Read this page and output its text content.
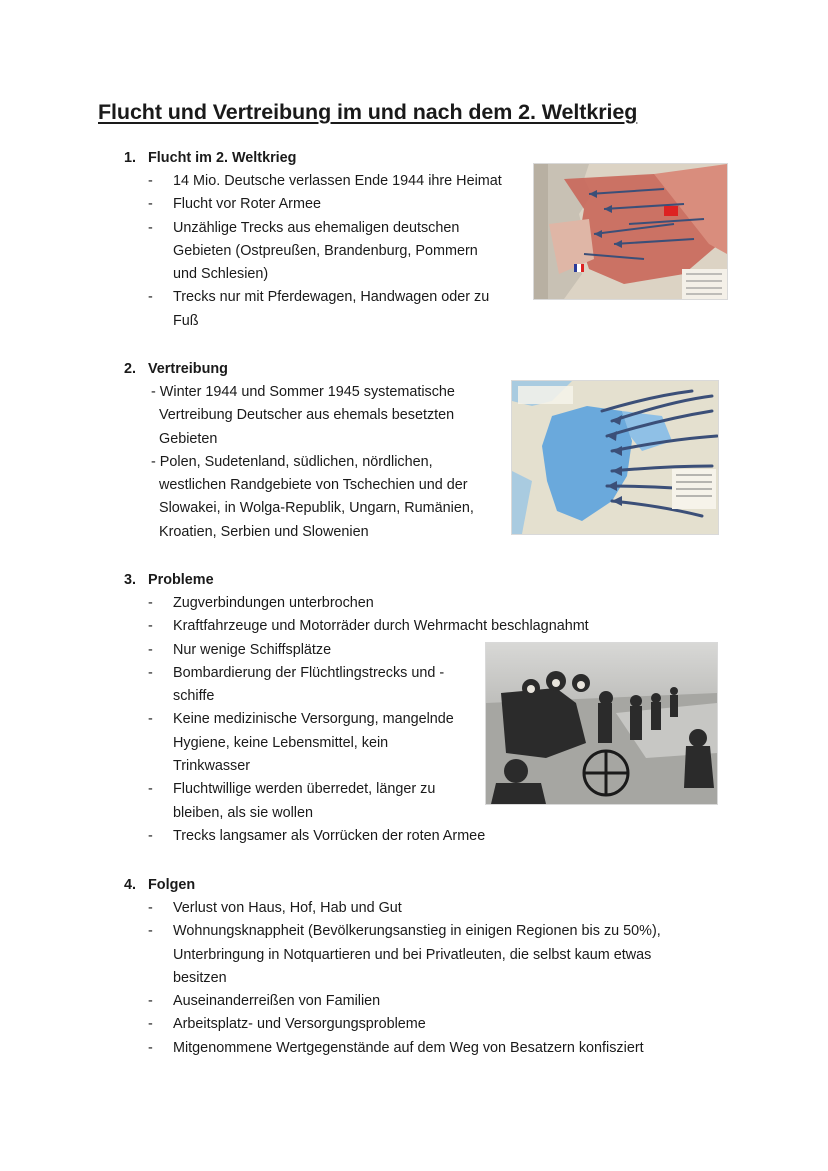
Flucht und Vertreibung im und nach dem 2. Weltkrieg
1. Flucht im 2. Weltkrieg
- 14 Mio. Deutsche verlassen Ende 1944 ihre Heimat
- Flucht vor Roter Armee
- Unzählige Trecks aus ehemaligen deutschen
Gebieten (Ostpreußen, Brandenburg, Pommern
und Schlesien)
- Trecks nur mit Pferdewagen, Handwagen oder zu
Fuß
2. Vertreibung
- Winter 1944 und Sommer 1945 systematische
Vertreibung Deutscher aus ehemals besetzten
Gebieten
- Polen, Sudetenland, südlichen, nördlichen,
westlichen Randgebiete von Tschechien und der
Slowakei, in Wolga-Republik, Ungarn, Rumänien,
Kroatien, Serbien und Slowenien
3. Probleme
- Zugverbindungen unterbrochen
- Kraftfahrzeuge und Motorräder durch Wehrmacht beschlagnahmt
- Nur wenige Schiffsplätze
- Bombardierung der Flüchtlingstrecks und -
schiffe
- Keine medizinische Versorgung, mangelnde
Hygiene, keine Lebensmittel, kein
Trinkwasser
- Fluchtwillige werden überredet, länger zu
bleiben, als sie wollen
- Trecks langsamer als Vorrücken der roten Armee
4. Folgen
- Verlust von Haus, Hof, Hab und Gut
- Wohnungsknappheit (Bevölkerungsanstieg in einigen Regionen bis zu 50%),
Unterbringung in Notquartieren und bei Privatleuten, die selbst kaum etwas
besitzen
- Auseinanderreißen von Familien
- Arbeitsplatz- und Versorgungsprobleme
- Mitgenommene Wertgegenstände auf dem Weg von Besatzern konfisziert
